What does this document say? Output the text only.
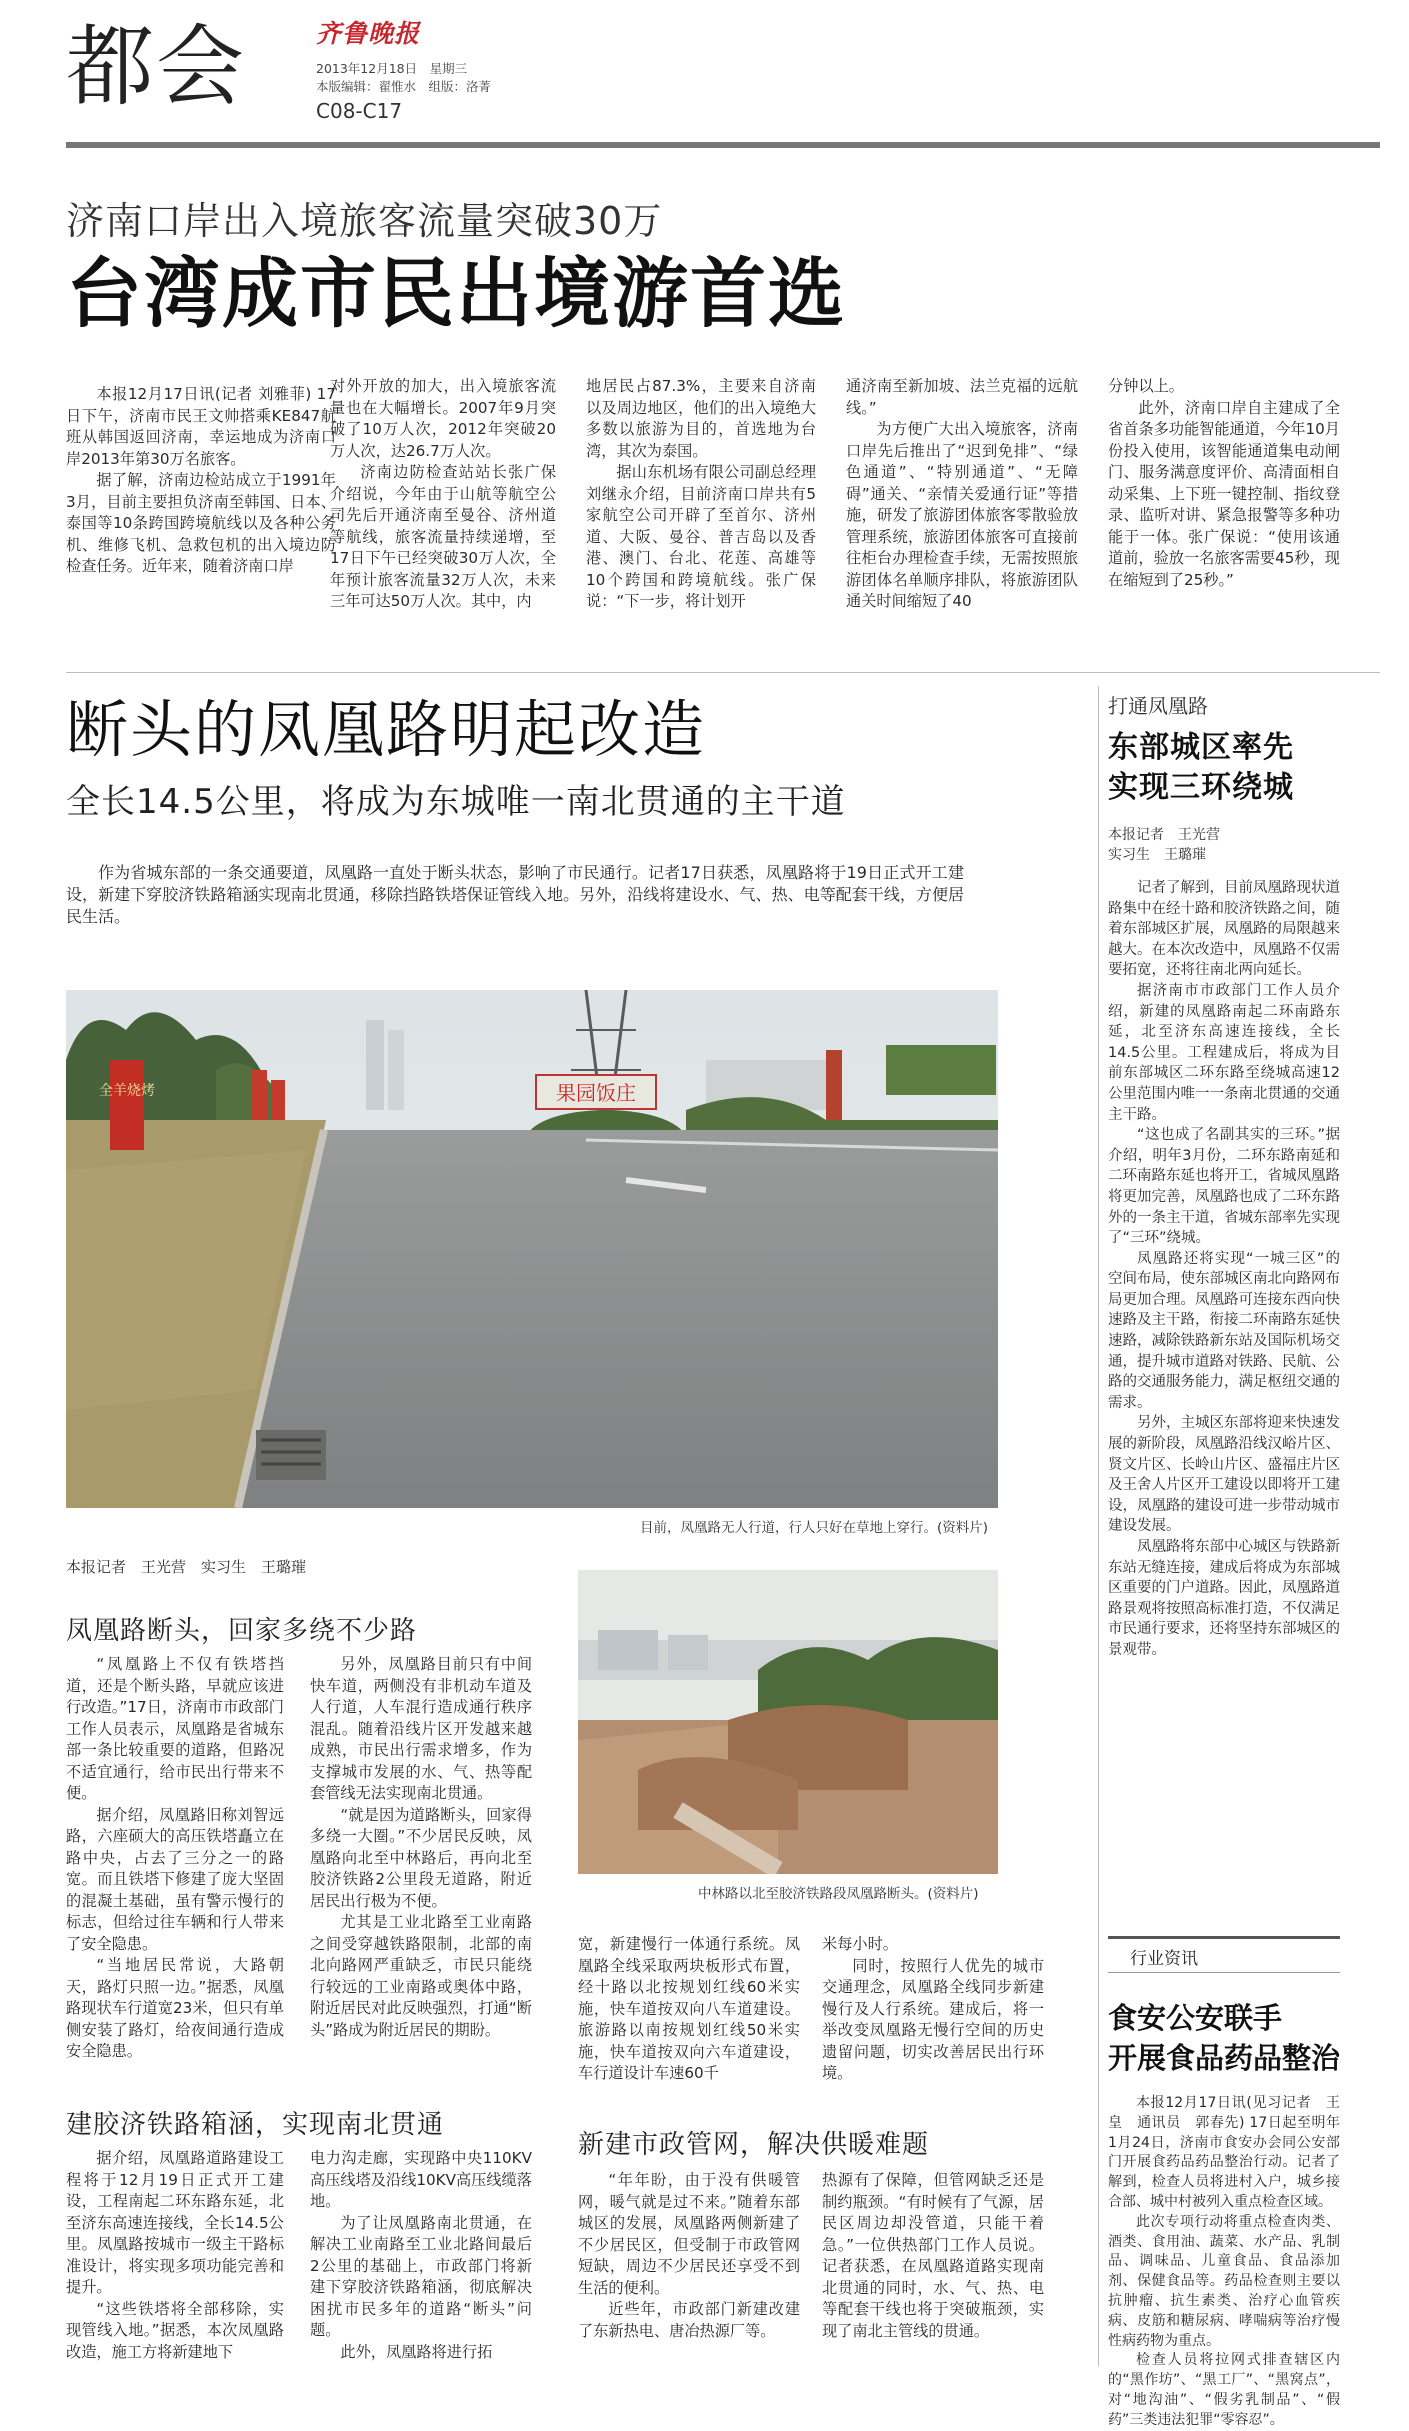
都会	齐鲁晚报
2013年12月18日　星期三
本版编辑：翟惟水　组版：洛菁
C08-C17
济南口岸出入境旅客流量突破30万
台湾成市民出境游首选

本报12月17日讯(记者 刘雅菲) 17日下午，济南市民王文帅搭乘KE847航班从韩国返回济南，幸运地成为济南口岸2013年第30万名旅客。

据了解，济南边检站成立于1991年3月，目前主要担负济南至韩国、日本、泰国等10条跨国跨境航线以及各种公务机、维修飞机、急救包机的出入境边防检查任务。近年来，随着济南口岸

对外开放的加大，出入境旅客流量也在大幅增长。2007年9月突破了10万人次，2012年突破20万人次，达26.7万人次。

济南边防检查站站长张广保介绍说，今年由于山航等航空公司先后开通济南至曼谷、济州道等航线，旅客流量持续递增，至17日下午已经突破30万人次，全年预计旅客流量32万人次，未来三年可达50万人次。其中，内

地居民占87.3%，主要来自济南以及周边地区，他们的出入境绝大多数以旅游为目的，首选地为台湾，其次为泰国。

据山东机场有限公司副总经理刘继永介绍，目前济南口岸共有5家航空公司开辟了至首尔、济州道、大阪、曼谷、普吉岛以及香港、澳门、台北、花莲、高雄等10个跨国和跨境航线。张广保说：“下一步，将计划开

通济南至新加坡、法兰克福的远航线。”

为方便广大出入境旅客，济南口岸先后推出了“迟到免排”、“绿色通道”、“特别通道”、“无障碍”通关、“亲情关爱通行证”等措施，研发了旅游团体旅客零散验放管理系统，旅游团体旅客可直接前往柜台办理检查手续，无需按照旅游团体名单顺序排队，将旅游团队通关时间缩短了40

分钟以上。

此外，济南口岸自主建成了全省首条多功能智能通道，今年10月份投入使用，该智能通道集电动闸门、服务满意度评价、高清面相自动采集、上下班一键控制、指纹登录、监听对讲、紧急报警等多种功能于一体。张广保说：“使用该通道前，验放一名旅客需要45秒，现在缩短到了25秒。”

断头的凤凰路明起改造
全长14.5公里，将成为东城唯一南北贯通的主干道

作为省城东部的一条交通要道，凤凰路一直处于断头状态，影响了市民通行。记者17日获悉，凤凰路将于19日正式开工建设，新建下穿胶济铁路箱涵实现南北贯通，移除挡路铁塔保证管线入地。另外，沿线将建设水、气、热、电等配套干线，方便居民生活。

果园饭庄
全羊烧烤
目前，凤凰路无人行道，行人只好在草地上穿行。(资料片)
本报记者　王光营　实习生　王璐璀
凤凰路断头，回家多绕不少路

“凤凰路上不仅有铁塔挡道，还是个断头路，早就应该进行改造。”17日，济南市市政部门工作人员表示，凤凰路是省城东部一条比较重要的道路，但路况不适宜通行，给市民出行带来不便。

据介绍，凤凰路旧称刘智远路，六座硕大的高压铁塔矗立在路中央，占去了三分之一的路宽。而且铁塔下修建了庞大坚固的混凝土基础，虽有警示慢行的标志，但给过往车辆和行人带来了安全隐患。

“当地居民常说，大路朝天，路灯只照一边。”据悉，凤凰路现状车行道宽23米，但只有单侧安装了路灯，给夜间通行造成安全隐患。

另外，凤凰路目前只有中间快车道，两侧没有非机动车道及人行道，人车混行造成通行秩序混乱。随着沿线片区开发越来越成熟，市民出行需求增多，作为支撑城市发展的水、气、热等配套管线无法实现南北贯通。

“就是因为道路断头，回家得多绕一大圈。”不少居民反映，凤凰路向北至中林路后，再向北至胶济铁路2公里段无道路，附近居民出行极为不便。

尤其是工业北路至工业南路之间受穿越铁路限制，北部的南北向路网严重缺乏，市民只能绕行较远的工业南路或奥体中路，附近居民对此反映强烈，打通“断头”路成为附近居民的期盼。

中林路以北至胶济铁路段凤凰路断头。(资料片)

宽，新建慢行一体通行系统。凤凰路全线采取两块板形式布置，经十路以北按规划红线60米实施，快车道按双向八车道建设。旅游路以南按规划红线50米实施，快车道按双向六车道建设，车行道设计车速60千

米每小时。

同时，按照行人优先的城市交通理念，凤凰路全线同步新建慢行及人行系统。建成后，将一举改变凤凰路无慢行空间的历史遗留问题，切实改善居民出行环境。

建胶济铁路箱涵，实现南北贯通

据介绍，凤凰路道路建设工程将于12月19日正式开工建设，工程南起二环东路东延，北至济东高速连接线，全长14.5公里。凤凰路按城市一级主干路标准设计，将实现多项功能完善和提升。

“这些铁塔将全部移除，实现管线入地。”据悉，本次凤凰路改造，施工方将新建地下

电力沟走廊，实现路中央110KV高压线塔及沿线10KV高压线缆落地。

为了让凤凰路南北贯通，在解决工业南路至工业北路间最后2公里的基础上，市政部门将新建下穿胶济铁路箱涵，彻底解决困扰市民多年的道路“断头”问题。

此外，凤凰路将进行拓

新建市政管网，解决供暖难题

“年年盼，由于没有供暖管网，暖气就是过不来。”随着东部城区的发展，凤凰路两侧新建了不少居民区，但受制于市政管网短缺，周边不少居民还享受不到生活的便利。

近些年，市政部门新建改建了东新热电、唐冶热源厂等。

热源有了保障，但管网缺乏还是制约瓶颈。“有时候有了气源，居民区周边却没管道，只能干着急。”一位供热部门工作人员说。记者获悉，在凤凰路道路实现南北贯通的同时，水、气、热、电等配套干线也将于突破瓶颈，实现了南北主管线的贯通。

打通凤凰路
东部城区率先
实现三环绕城
本报记者　王光营
实习生　王璐璀

记者了解到，目前凤凰路现状道路集中在经十路和胶济铁路之间，随着东部城区扩展，凤凰路的局限越来越大。在本次改造中，凤凰路不仅需要拓宽，还将往南北两向延长。

据济南市市政部门工作人员介绍，新建的凤凰路南起二环南路东延，北至济东高速连接线，全长14.5公里。工程建成后，将成为目前东部城区二环东路至绕城高速12公里范围内唯一一条南北贯通的交通主干路。

“这也成了名副其实的三环。”据介绍，明年3月份，二环东路南延和二环南路东延也将开工，省城凤凰路将更加完善，凤凰路也成了二环东路外的一条主干道，省城东部率先实现了“三环”绕城。

凤凰路还将实现“一城三区”的空间布局，使东部城区南北向路网布局更加合理。凤凰路可连接东西向快速路及主干路，衔接二环南路东延快速路，减除铁路新东站及国际机场交通，提升城市道路对铁路、民航、公路的交通服务能力，满足枢纽交通的需求。

另外，主城区东部将迎来快速发展的新阶段，凤凰路沿线汉峪片区、贤文片区、长岭山片区、盛福庄片区及王舍人片区开工建设以即将开工建设，凤凰路的建设可进一步带动城市建设发展。

凤凰路将东部中心城区与铁路新东站无缝连接，建成后将成为东部城区重要的门户道路。因此，凤凰路道路景观将按照高标准打造，不仅满足市民通行要求，还将坚持东部城区的景观带。

行业资讯
食安公安联手
开展食品药品整治

本报12月17日讯(见习记者　王皇　通讯员　郭春先) 17日起至明年1月24日，济南市食安办会同公安部门开展食药品药品整治行动。记者了解到，检查人员将进村入户，城乡接合部、城中村被列入重点检查区域。

此次专项行动将重点检查肉类、酒类、食用油、蔬菜、水产品、乳制品、调味品、儿童食品、食品添加剂、保健食品等。药品检查则主要以抗肿瘤、抗生素类、治疗心血管疾病、皮筋和糖尿病、哮喘病等治疗慢性病药物为重点。

检查人员将拉网式排查辖区内的“黑作坊”、“黑工厂”、“黑窝点”，对“地沟油”、“假劣乳制品”、“假药”三类违法犯罪“零容忍”。
